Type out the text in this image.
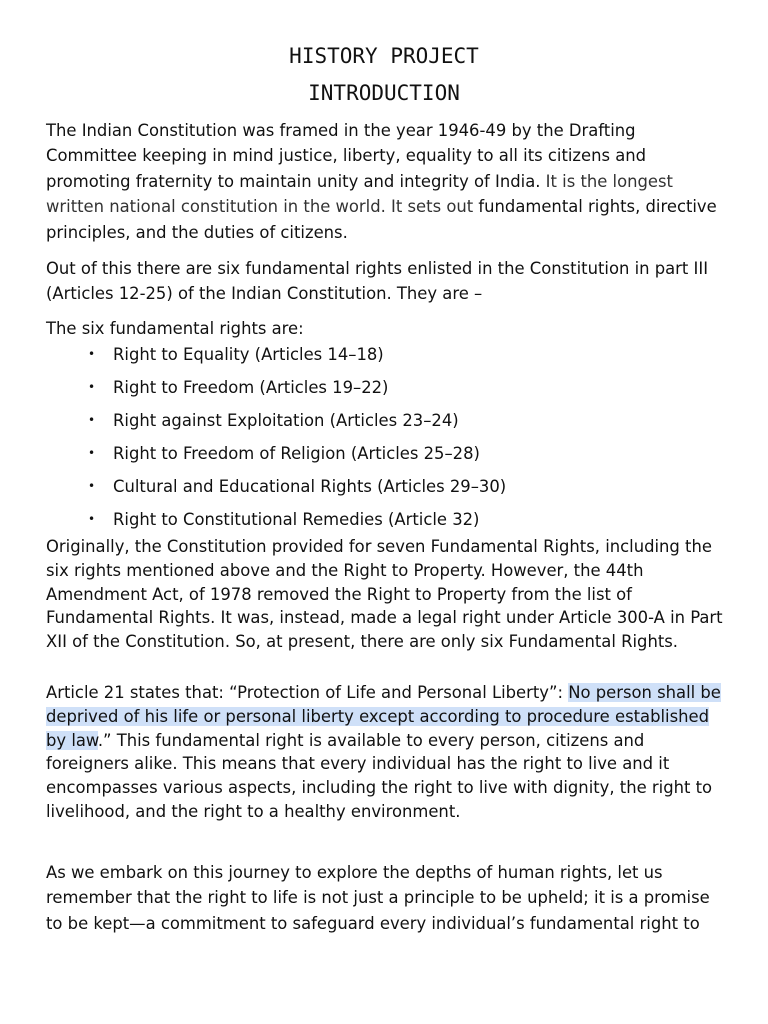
HISTORY PROJECT
INTRODUCTION
The Indian Constitution was framed in the year 1946-49 by the Drafting Committee keeping in mind justice, liberty, equality to all its citizens and promoting fraternity to maintain unity and integrity of India. It is the longest written national constitution in the world. It sets out fundamental rights, directive principles, and the duties of citizens.
Out of this there are six fundamental rights enlisted in the Constitution in part III (Articles 12-25) of the Indian Constitution. They are –
The six fundamental rights are:
• Right to Equality (Articles 14–18)
• Right to Freedom (Articles 19–22)
• Right against Exploitation (Articles 23–24)
• Right to Freedom of Religion (Articles 25–28)
• Cultural and Educational Rights (Articles 29–30)
• Right to Constitutional Remedies (Article 32)
Originally, the Constitution provided for seven Fundamental Rights, including the six rights mentioned above and the Right to Property. However, the 44th Amendment Act, of 1978 removed the Right to Property from the list of Fundamental Rights. It was, instead, made a legal right under Article 300-A in Part XII of the Constitution. So, at present, there are only six Fundamental Rights.
Article 21 states that: “Protection of Life and Personal Liberty”: No person shall be deprived of his life or personal liberty except according to procedure established by law.” This fundamental right is available to every person, citizens and foreigners alike. This means that every individual has the right to live and it encompasses various aspects, including the right to live with dignity, the right to livelihood, and the right to a healthy environment.
As we embark on this journey to explore the depths of human rights, let us remember that the right to life is not just a principle to be upheld; it is a promise to be kept—a commitment to safeguard every individual’s fundamental right to
